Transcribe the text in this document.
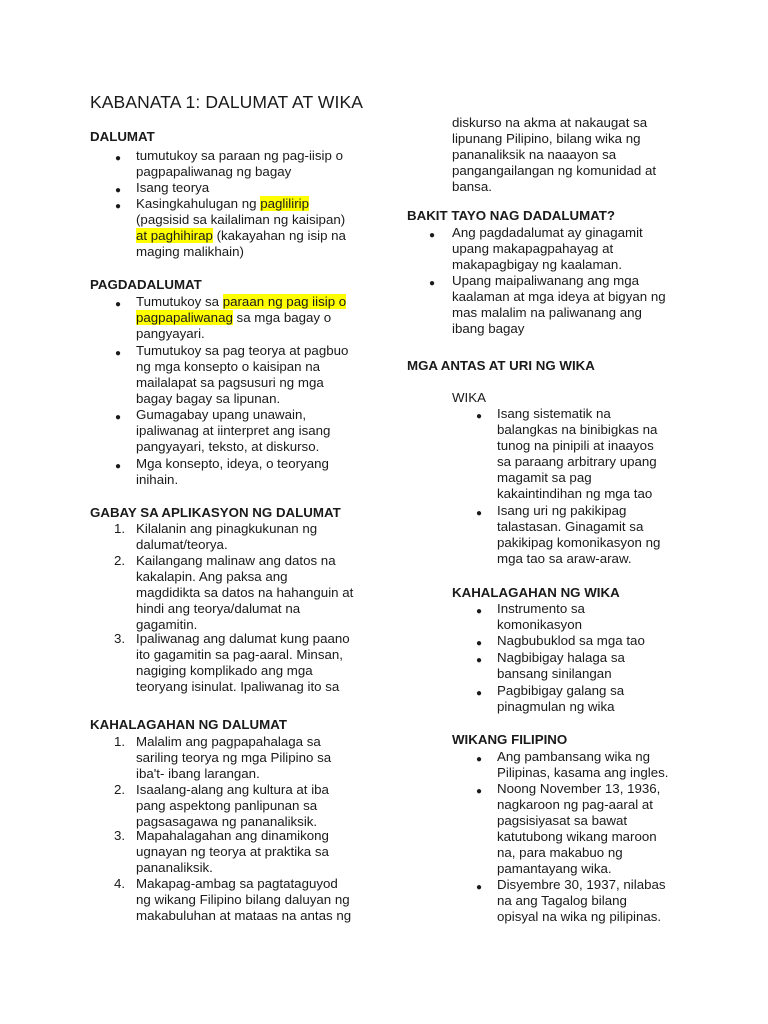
KABANATA 1: DALUMAT AT WIKA
DALUMAT
● tumutukoy sa paraan ng pag-iisip o
pagpapaliwanag ng bagay
● Isang teorya
● Kasingkahulugan ng paglilirip
(pagsisid sa kailaliman ng kaisipan)
at paghihirap (kakayahan ng isip na
maging malikhain)
PAGDADALUMAT
● Tumutukoy sa paraan ng pag iisip o
pagpapaliwanag sa mga bagay o
pangyayari.
● Tumutukoy sa pag teorya at pagbuo
ng mga konsepto o kaisipan na
mailalapat sa pagsusuri ng mga
bagay bagay sa lipunan.
● Gumagabay upang unawain,
ipaliwanag at iinterpret ang isang
pangyayari, teksto, at diskurso.
● Mga konsepto, ideya, o teoryang
inihain.
GABAY SA APLIKASYON NG DALUMAT
1. Kilalanin ang pinagkukunan ng
dalumat/teorya.
2. Kailangang malinaw ang datos na
kakalapin. Ang paksa ang
magdidikta sa datos na hahanguin at
hindi ang teorya/dalumat na
gagamitin.
3. Ipaliwanag ang dalumat kung paano
ito gagamitin sa pag-aaral. Minsan,
nagiging komplikado ang mga
teoryang isinulat. Ipaliwanag ito sa
KAHALAGAHAN NG DALUMAT
1. Malalim ang pagpapahalaga sa
sariling teorya ng mga Pilipino sa
iba't- ibang larangan.
2. Isaalang-alang ang kultura at iba
pang aspektong panlipunan sa
pagsasagawa ng pananaliksik.
3. Mapahalagahan ang dinamikong
ugnayan ng teorya at praktika sa
pananaliksik.
4. Makapag-ambag sa pagtataguyod
ng wikang Filipino bilang daluyan ng
makabuluhan at mataas na antas ng
diskurso na akma at nakaugat sa
lipunang Pilipino, bilang wika ng
pananaliksik na naaayon sa
pangangailangan ng komunidad at
bansa.
BAKIT TAYO NAG DADALUMAT?
● Ang pagdadalumat ay ginagamit
upang makapagpahayag at
makapagbigay ng kaalaman.
● Upang maipaliwanang ang mga
kaalaman at mga ideya at bigyan ng
mas malalim na paliwanang ang
ibang bagay
MGA ANTAS AT URI NG WIKA
WIKA
● Isang sistematik na
balangkas na binibigkas na
tunog na pinipili at inaayos
sa paraang arbitrary upang
magamit sa pag
kakaintindihan ng mga tao
● Isang uri ng pakikipag
talastasan. Ginagamit sa
pakikipag komonikasyon ng
mga tao sa araw-araw.
KAHALAGAHAN NG WIKA
● Instrumento sa
komonikasyon
● Nagbubuklod sa mga tao
● Nagbibigay halaga sa
bansang sinilangan
● Pagbibigay galang sa
pinagmulan ng wika
WIKANG FILIPINO
● Ang pambansang wika ng
Pilipinas, kasama ang ingles.
● Noong November 13, 1936,
nagkaroon ng pag-aaral at
pagsisiyasat sa bawat
katutubong wikang maroon
na, para makabuo ng
pamantayang wika.
● Disyembre 30, 1937, nilabas
na ang Tagalog bilang
opisyal na wika ng pilipinas.
